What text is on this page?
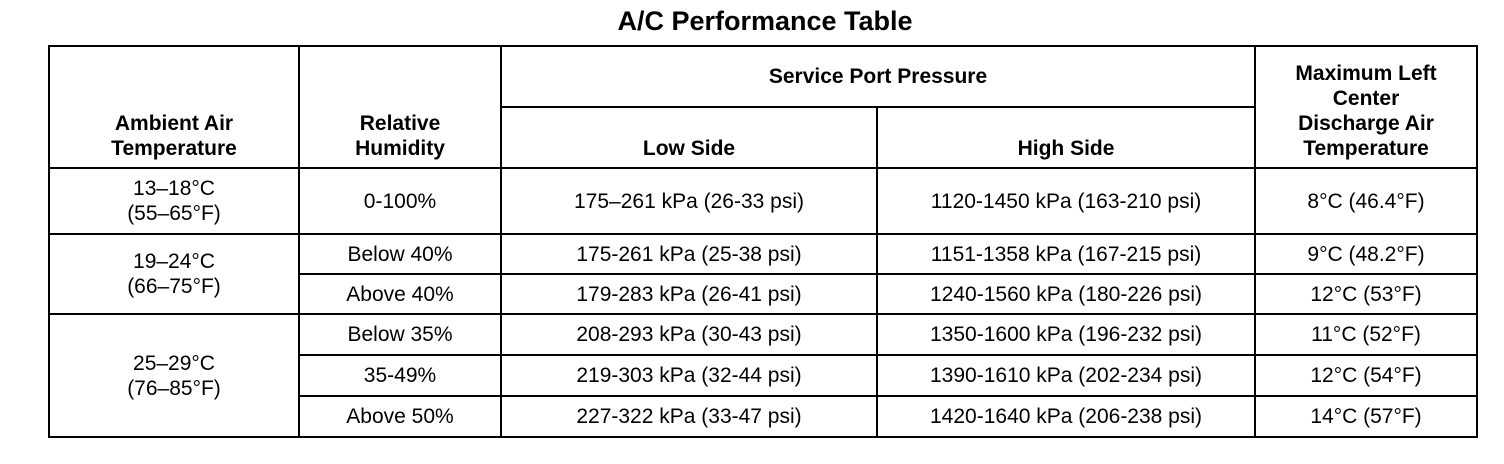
A/C Performance Table
Ambient Air Temperature	Relative Humidity	Service Port Pressure		Maximum Left Center Discharge Air Temperature
		Low Side	High Side	

13–18°C
(55–65°F)	0-100%	175–261 kPa (26-33 psi)	1120-1450 kPa (163-210 psi)	8°C (46.4°F)

19–24°C
(66–75°F)	Below 40%	175-261 kPa (25-38 psi)	1151-1358 kPa (167-215 psi)	9°C (48.2°F)
	Above 40%	179-283 kPa (26-41 psi)	1240-1560 kPa (180-226 psi)	12°C (53°F)

25–29°C
(76–85°F)	Below 35%	208-293 kPa (30-43 psi)	1350-1600 kPa (196-232 psi)	11°C (52°F)
	35-49%	219-303 kPa (32-44 psi)	1390-1610 kPa (202-234 psi)	12°C (54°F)
	Above 50%	227-322 kPa (33-47 psi)	1420-1640 kPa (206-238 psi)	14°C (57°F)
